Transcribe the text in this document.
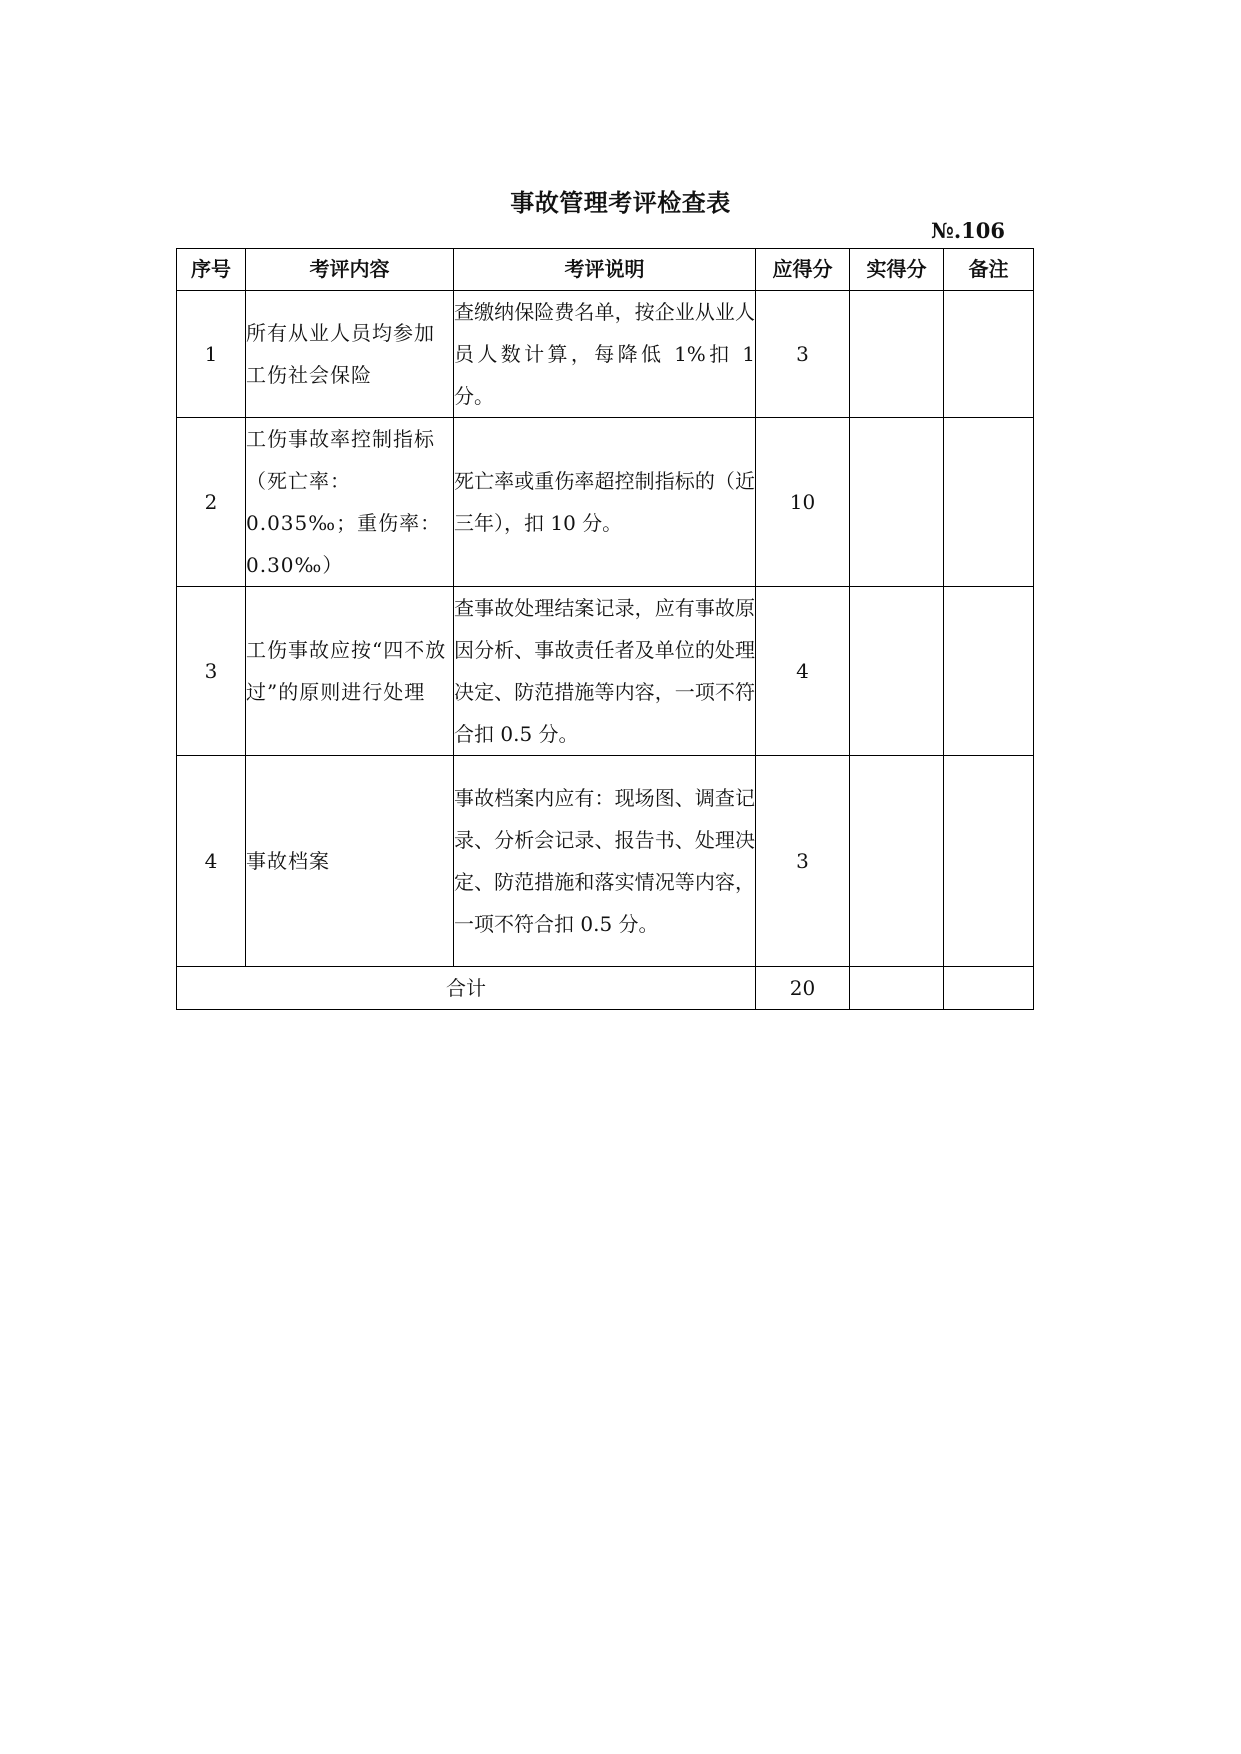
事故管理考评检查表
№.106
序号	考评内容	考评说明	应得分	实得分	备注
1	所有从业人员均参加工伤社会保险	查缴纳保险费名单，按企业从业人员人数计算，每降低 1%扣 1 分。	3		
2	工伤事故率控制指标（死亡率：0.035‰；重伤率：0.30‰）	死亡率或重伤率超控制指标的（近三年），扣 10 分。	10		
3	工伤事故应按“四不放过”的原则进行处理	查事故处理结案记录，应有事故原因分析、事故责任者及单位的处理决定、防范措施等内容，一项不符合扣 0.5 分。	4		
4	事故档案	事故档案内应有：现场图、调查记录、分析会记录、报告书、处理决定、防范措施和落实情况等内容，一项不符合扣 0.5 分。	3		
合计			20		
